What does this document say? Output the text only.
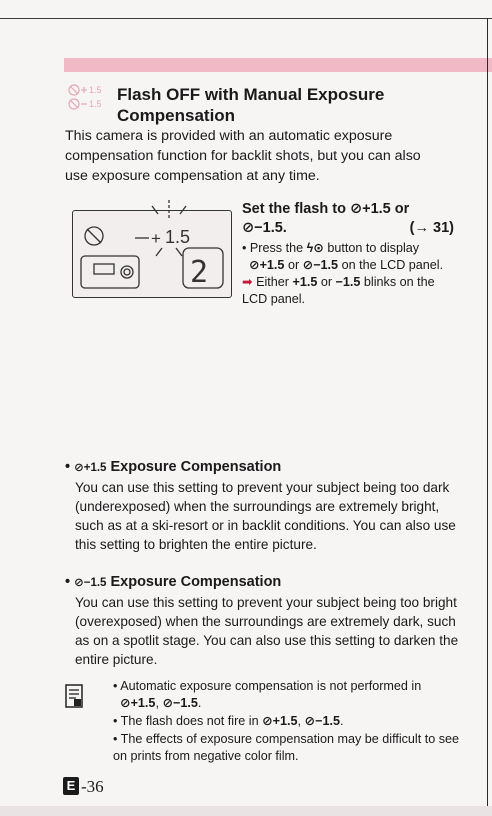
1.5
1.5 Flash OFF with Manual Exposure
Compensation

This camera is provided with an automatic exposure compensation function for backlit shots, but you can also use exposure compensation at any time.

+
2
1.5

Set the flash to ⊘+1.5 or
⊘−1.5.	(→ 31)

• Press the ϟ⊙ button to display
⊘+1.5 or ⊘−1.5 on the LCD panel.
➡ Either +1.5 or −1.5 blinks on the LCD panel.

• ⊘+1.5 Exposure Compensation

You can use this setting to prevent your subject being too dark (underexposed) when the surroundings are extremely bright, such as at a ski-resort or in backlit conditions. You can also use this setting to brighten the entire picture.

• ⊘−1.5 Exposure Compensation

You can use this setting to prevent your subject being too bright (overexposed) when the surroundings are extremely dark, such as on a spotlit stage. You can also use this setting to darken the entire picture.

• Automatic exposure compensation is not performed in
⊘+1.5, ⊘−1.5.
• The flash does not fire in ⊘+1.5, ⊘−1.5.
• The effects of exposure compensation may be difficult to see on prints from negative color film.
E -36
